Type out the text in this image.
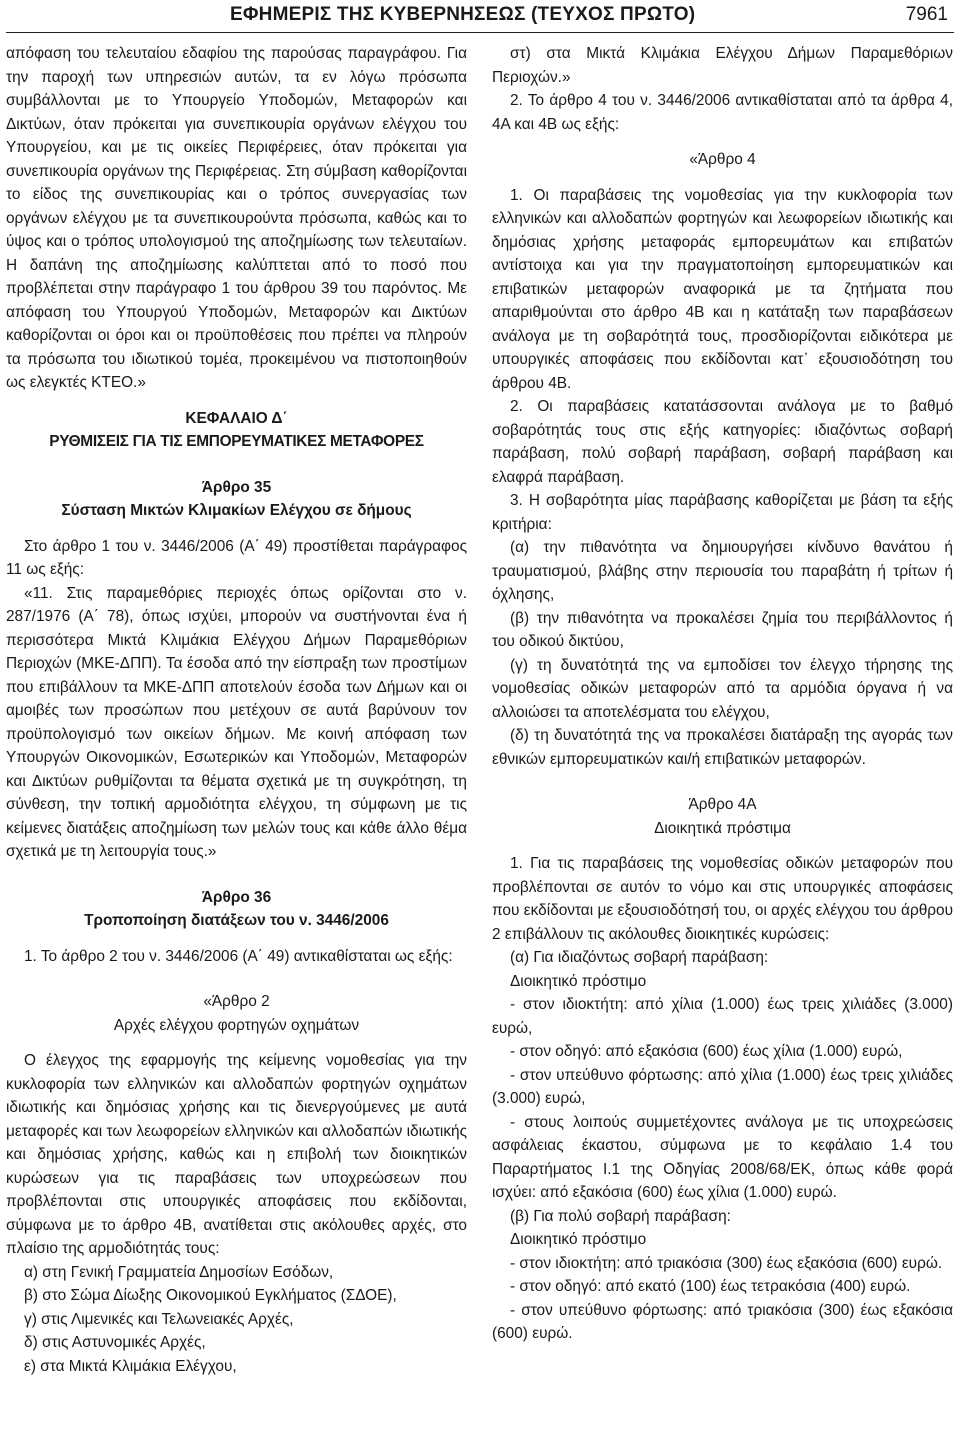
ΕΦΗΜΕΡΙΣ ΤΗΣ ΚΥΒΕΡΝΗΣΕΩΣ (ΤΕΥΧΟΣ ΠΡΩΤΟ)	7961

απόφαση του τελευταίου εδαφίου της παρούσας παραγράφου. Για την παροχή των υπηρεσιών αυτών, τα εν λόγω πρόσωπα συμβάλλονται με το Υπουργείο Υποδομών, Μεταφορών και Δικτύων, όταν πρόκειται για συνεπικουρία οργάνων ελέγχου του Υπουργείου, και με τις οικείες Περιφέρειες, όταν πρόκειται για συνεπικουρία οργάνων της Περιφέρειας. Στη σύμβαση καθορίζονται το είδος της συνεπικουρίας και ο τρόπος συνεργασίας των οργάνων ελέγχου με τα συνεπικουρούντα πρόσωπα, καθώς και το ύψος και ο τρόπος υπολογισμού της αποζημίωσης των τελευταίων. Η δαπάνη της αποζημίωσης καλύπτεται από το ποσό που προβλέπεται στην παράγραφο 1 του άρθρου 39 του παρόντος. Με απόφαση του Υπουργού Υποδομών, Μεταφορών και Δικτύων καθορίζονται οι όροι και οι προϋποθέσεις που πρέπει να πληρούν τα πρόσωπα του ιδιωτικού τομέα, προκειμένου να πιστοποιηθούν ως ελεγκτές ΚΤΕΟ.»

ΚΕΦΑΛΑΙΟ Δ΄

ΡΥΘΜΙΣΕΙΣ ΓΙΑ ΤΙΣ ΕΜΠΟΡΕΥΜΑΤΙΚΕΣ ΜΕΤΑΦΟΡΕΣ

Άρθρο 35

Σύσταση Μικτών Κλιμακίων Ελέγχου σε δήμους

Στο άρθρο 1 του ν. 3446/2006 (Α΄ 49) προστίθεται παράγραφος 11 ως εξής:

«11. Στις παραμεθόριες περιοχές όπως ορίζονται στο ν. 287/1976 (Α΄ 78), όπως ισχύει, μπορούν να συστήνονται ένα ή περισσότερα Μικτά Κλιμάκια Ελέγχου Δήμων Παραμεθόριων Περιοχών (ΜΚΕ-ΔΠΠ). Τα έσοδα από την είσπραξη των προστίμων που επιβάλλουν τα ΜΚΕ-ΔΠΠ αποτελούν έσοδα των Δήμων και οι αμοιβές των προσώπων που μετέχουν σε αυτά βαρύνουν τον προϋπολογισμό των οικείων δήμων. Με κοινή απόφαση των Υπουργών Οικονομικών, Εσωτερικών και Υποδομών, Μεταφορών και Δικτύων ρυθμίζονται τα θέματα σχετικά με τη συγκρότηση, τη σύνθεση, την τοπική αρμοδιότητα ελέγχου, τη σύμφωνη με τις κείμενες διατάξεις αποζημίωση των μελών τους και κάθε άλλο θέμα σχετικά με τη λειτουργία τους.»

Άρθρο 36

Τροποποίηση διατάξεων του ν. 3446/2006

1. Το άρθρο 2 του ν. 3446/2006 (Α΄ 49) αντικαθίσταται ως εξής:

«Άρθρο 2

Αρχές ελέγχου φορτηγών οχημάτων

Ο έλεγχος της εφαρμογής της κείμενης νομοθεσίας για την κυκλοφορία των ελληνικών και αλλοδαπών φορτηγών οχημάτων ιδιωτικής και δημόσιας χρήσης και τις διενεργούμενες με αυτά μεταφορές και των λεωφορείων ελληνικών και αλλοδαπών ιδιωτικής και δημόσιας χρήσης, καθώς και η επιβολή των διοικητικών κυρώσεων για τις παραβάσεις των υποχρεώσεων που προβλέπονται στις υπουργικές αποφάσεις που εκδίδονται, σύμφωνα με το άρθρο 4Β, ανατίθεται στις ακόλουθες αρχές, στο πλαίσιο της αρμοδιότητάς τους:

α) στη Γενική Γραμματεία Δημοσίων Εσόδων,

β) στο Σώμα Δίωξης Οικονομικού Εγκλήματος (ΣΔΟΕ),

γ) στις Λιμενικές και Τελωνειακές Αρχές,

δ) στις Αστυνομικές Αρχές,

ε) στα Μικτά Κλιμάκια Ελέγχου,

στ) στα Μικτά Κλιμάκια Ελέγχου Δήμων Παραμεθόριων Περιοχών.»

2. Το άρθρο 4 του ν. 3446/2006 αντικαθίσταται από τα άρθρα 4, 4Α και 4Β ως εξής:

«Άρθρο 4

1. Οι παραβάσεις της νομοθεσίας για την κυκλοφορία των ελληνικών και αλλοδαπών φορτηγών και λεωφορείων ιδιωτικής και δημόσιας χρήσης μεταφοράς εμπορευμάτων και επιβατών αντίστοιχα και για την πραγματοποίηση εμπορευματικών και επιβατικών μεταφορών αναφορικά με τα ζητήματα που απαριθμούνται στο άρθρο 4Β και η κατάταξη των παραβάσεων ανάλογα με τη σοβαρότητά τους, προσδιορίζονται ειδικότερα με υπουργικές αποφάσεις που εκδίδονται κατ᾽ εξουσιοδότηση του άρθρου 4Β.

2. Οι παραβάσεις κατατάσσονται ανάλογα με το βαθμό σοβαρότητάς τους στις εξής κατηγορίες: ιδιαζόντως σοβαρή παράβαση, πολύ σοβαρή παράβαση, σοβαρή παράβαση και ελαφρά παράβαση.

3. Η σοβαρότητα μίας παράβασης καθορίζεται με βάση τα εξής κριτήρια:

(α) την πιθανότητα να δημιουργήσει κίνδυνο θανάτου ή τραυματισμού, βλάβης στην περιουσία του παραβάτη ή τρίτων ή όχλησης,

(β) την πιθανότητα να προκαλέσει ζημία του περιβάλλοντος ή του οδικού δικτύου,

(γ) τη δυνατότητά της να εμποδίσει τον έλεγχο τήρησης της νομοθεσίας οδικών μεταφορών από τα αρμόδια όργανα ή να αλλοιώσει τα αποτελέσματα του ελέγχου,

(δ) τη δυνατότητά της να προκαλέσει διατάραξη της αγοράς των εθνικών εμπορευματικών και/ή επιβατικών μεταφορών.

Άρθρο 4Α

Διοικητικά πρόστιμα

1. Για τις παραβάσεις της νομοθεσίας οδικών μεταφορών που προβλέπονται σε αυτόν το νόμο και στις υπουργικές αποφάσεις που εκδίδονται με εξουσιοδότησή του, οι αρχές ελέγχου του άρθρου 2 επιβάλλουν τις ακόλουθες διοικητικές κυρώσεις:

(α) Για ιδιαζόντως σοβαρή παράβαση:

Διοικητικό πρόστιμο

- στον ιδιοκτήτη: από χίλια (1.000) έως τρεις χιλιάδες (3.000) ευρώ,

- στον οδηγό: από εξακόσια (600) έως χίλια (1.000) ευρώ,

- στον υπεύθυνο φόρτωσης: από χίλια (1.000) έως τρεις χιλιάδες (3.000) ευρώ,

- στους λοιπούς συμμετέχοντες ανάλογα με τις υποχρεώσεις ασφάλειας έκαστου, σύμφωνα με το κεφάλαιο 1.4 του Παραρτήματος Ι.1 της Οδηγίας 2008/68/ΕΚ, όπως κάθε φορά ισχύει: από εξακόσια (600) έως χίλια (1.000) ευρώ.

(β) Για πολύ σοβαρή παράβαση:

Διοικητικό πρόστιμο

- στον ιδιοκτήτη: από τριακόσια (300) έως εξακόσια (600) ευρώ.

- στον οδηγό: από εκατό (100) έως τετρακόσια (400) ευρώ.

- στον υπεύθυνο φόρτωσης: από τριακόσια (300) έως εξακόσια (600) ευρώ.
